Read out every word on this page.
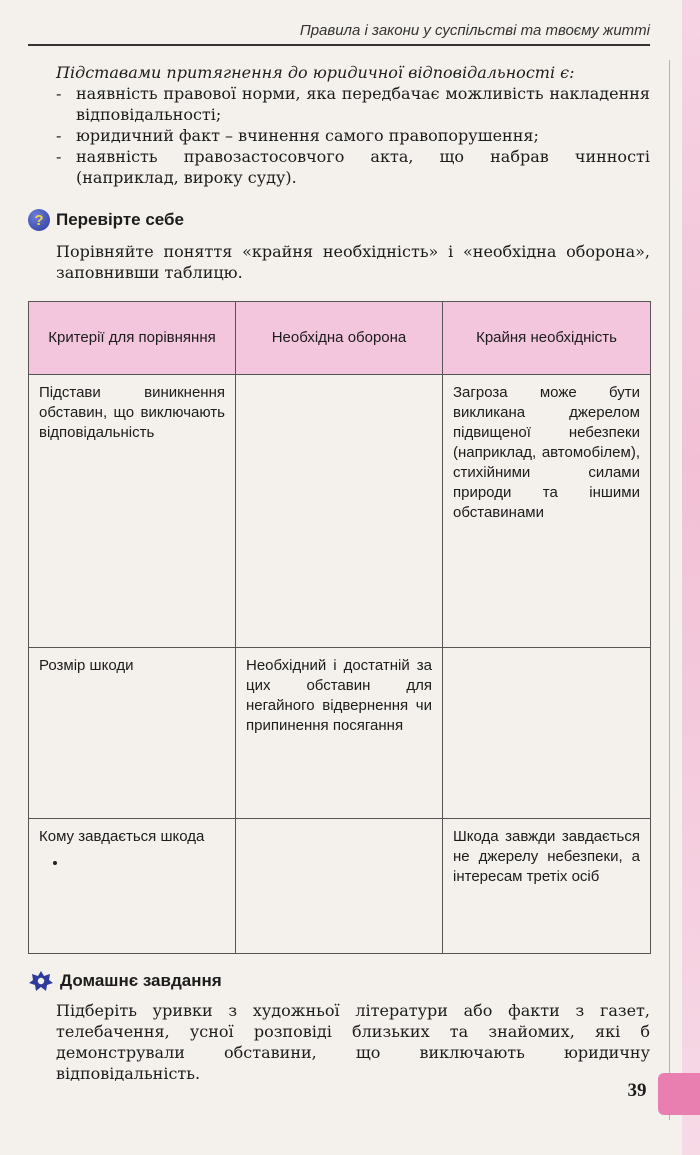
Правила і закони у суспільстві та твоєму житті

Підставами притягнення до юридичної відповідальності є:

- наявність правової норми, яка передбачає можливість накладення відповідальності;
- юридичний факт – вчинення самого правопорушення;
- наявність правозастосовчого акта, що набрав чинності (наприклад, вироку суду).
? Перевірте себе
Порівняйте поняття «крайня необхідність» і «необхідна оборона», заповнивши таблицю.
Критерії для порівняння	Необхідна оборона	Крайня необхідність
Підстави виникнення обставин, що виключають відповідальність		Загроза може бути викликана джерелом підвищеної небезпеки (наприклад, автомобілем), стихійними силами природи та іншими обставинами
Розмір шкоди	Необхідний і достатній за цих обставин для негайного відвернення чи припинення посягання	
Кому завдається шкода		Шкода завжди завдається не джерелу небезпеки, а інтересам третіх осіб
Домашнє завдання
Підберіть уривки з художньої літератури або факти з газет, телебачення, усної розповіді близьких та знайомих, які б демонстрували обставини, що виключають юридичну відповідальність.
39
